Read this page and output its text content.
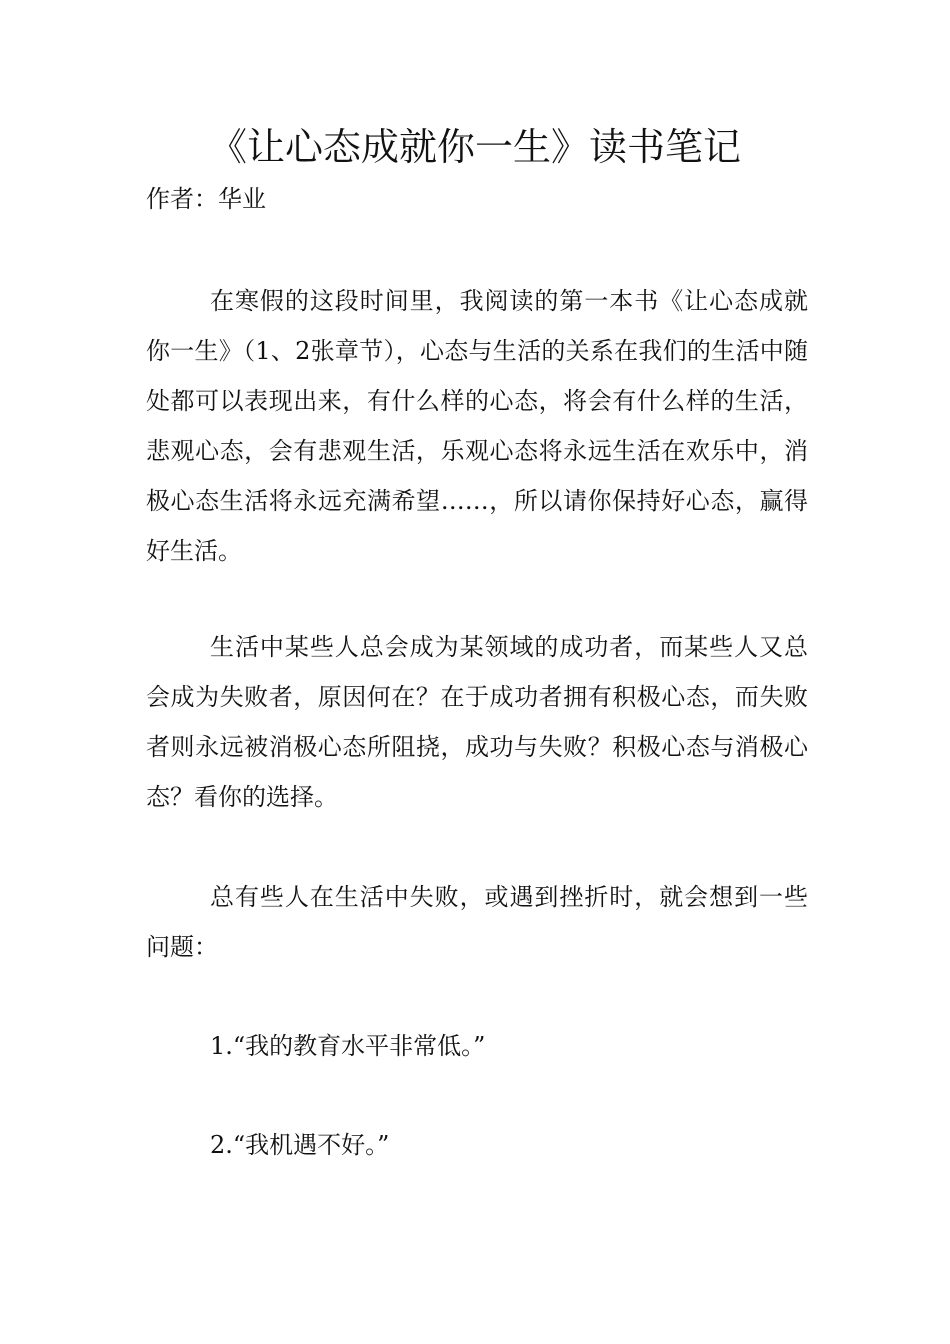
《让心态成就你一生》读书笔记

作者：华业

在寒假的这段时间里，我阅读的第一本书《让心态成就你一生》（1、2张章节），心态与生活的关系在我们的生活中随处都可以表现出来，有什么样的心态，将会有什么样的生活，悲观心态，会有悲观生活，乐观心态将永远生活在欢乐中，消极心态生活将永远充满希望……，所以请你保持好心态，赢得好生活。

生活中某些人总会成为某领域的成功者，而某些人又总会成为失败者，原因何在？在于成功者拥有积极心态，而失败者则永远被消极心态所阻挠，成功与失败？积极心态与消极心态？看你的选择。

总有些人在生活中失败，或遇到挫折时，就会想到一些问题：

1.“我的教育水平非常低。”

2.“我机遇不好。”
